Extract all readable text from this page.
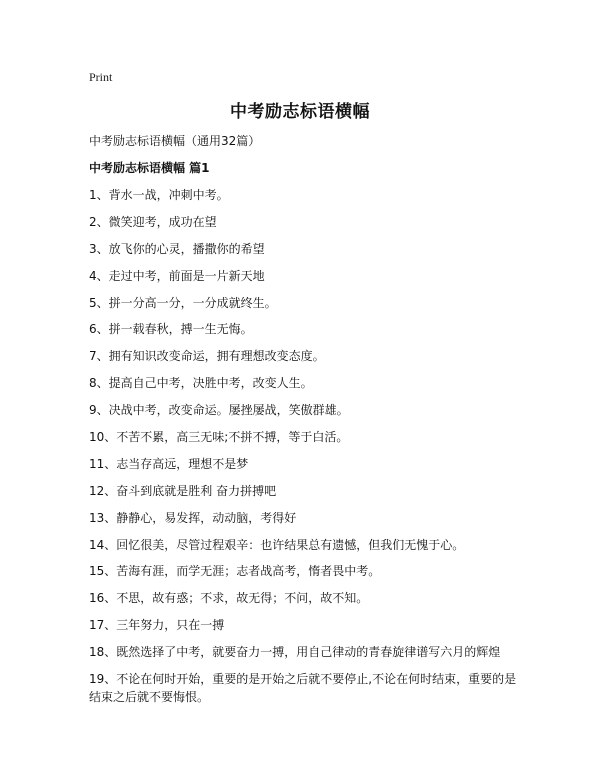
Print
中考励志标语横幅
中考励志标语横幅（通用32篇）
中考励志标语横幅 篇1
1、背水一战，冲刺中考。
2、微笑迎考，成功在望
3、放飞你的心灵，播撒你的希望
4、走过中考，前面是一片新天地
5、拼一分高一分，一分成就终生。
6、拼一载春秋，搏一生无悔。
7、拥有知识改变命运，拥有理想改变态度。
8、提高自己中考，决胜中考，改变人生。
9、决战中考，改变命运。屡挫屡战，笑傲群雄。
10、不苦不累，高三无味;不拼不搏，等于白活。
11、志当存高远，理想不是梦
12、奋斗到底就是胜利 奋力拼搏吧
13、静静心，易发挥，动动脑，考得好
14、回忆很美，尽管过程艰辛：也许结果总有遗憾，但我们无愧于心。
15、苦海有涯，而学无涯；志者战高考，惰者畏中考。
16、不思，故有惑；不求，故无得；不问，故不知。
17、三年努力，只在一搏
18、既然选择了中考，就要奋力一搏，用自己律动的青春旋律谱写六月的辉煌
19、不论在何时开始，重要的是开始之后就不要停止,不论在何时结束，重要的是结束之后就不要悔恨。
